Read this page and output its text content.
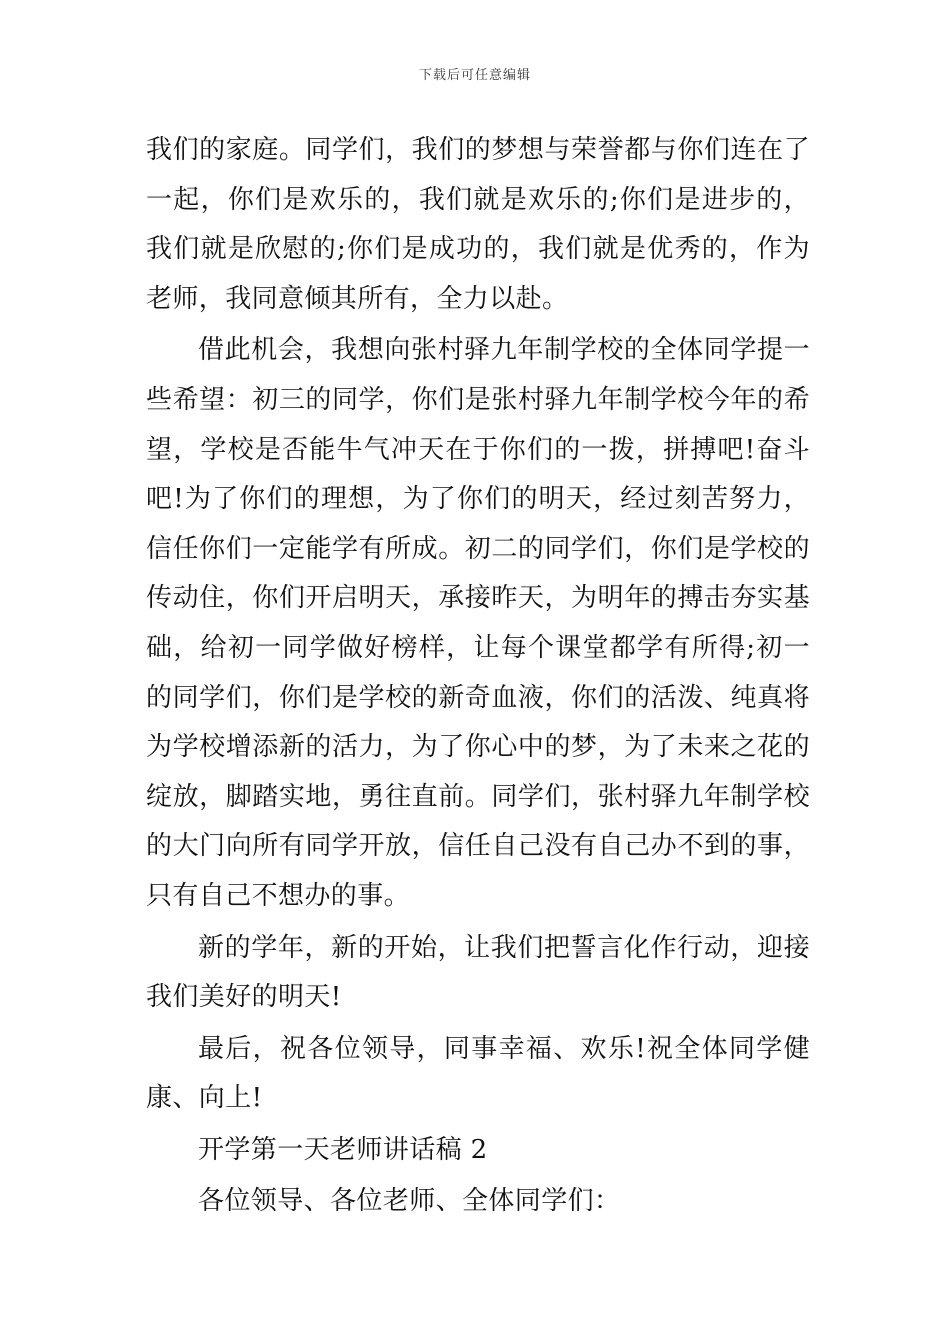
下载后可任意编辑

我们的家庭。同学们，我们的梦想与荣誉都与你们连在了一起，你们是欢乐的，我们就是欢乐的;你们是进步的，我们就是欣慰的;你们是成功的，我们就是优秀的，作为老师，我同意倾其所有，全力以赴。

借此机会，我想向张村驿九年制学校的全体同学提一些希望：初三的同学，你们是张村驿九年制学校今年的希望，学校是否能牛气冲天在于你们的一拨，拼搏吧!奋斗吧!为了你们的理想，为了你们的明天，经过刻苦努力，信任你们一定能学有所成。初二的同学们，你们是学校的传动住，你们开启明天，承接昨天，为明年的搏击夯实基础，给初一同学做好榜样，让每个课堂都学有所得;初一的同学们，你们是学校的新奇血液，你们的活泼、纯真将为学校增添新的活力，为了你心中的梦，为了未来之花的绽放，脚踏实地，勇往直前。同学们，张村驿九年制学校的大门向所有同学开放，信任自己没有自己办不到的事，只有自己不想办的事。

新的学年，新的开始，让我们把誓言化作行动，迎接我们美好的明天!

最后，祝各位领导，同事幸福、欢乐!祝全体同学健康、向上!

开学第一天老师讲话稿 2

各位领导、各位老师、全体同学们：
